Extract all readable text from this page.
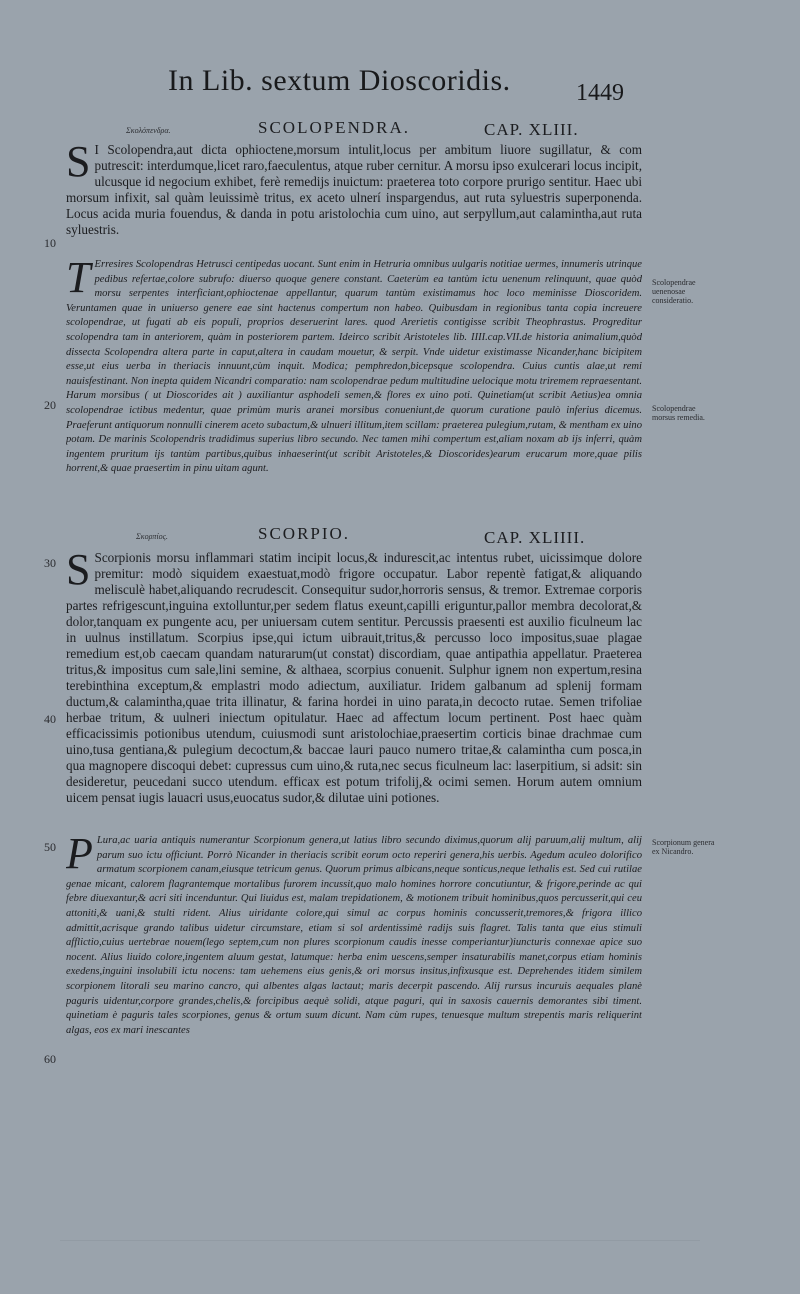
In Lib. sextum Dioscoridis.	1449
Σκολόπενδρα.	SCOLOPENDRA.	CAP. XLIII.
S I Scolopendra,aut dicta ophioctene,morsum intulit,locus per ambitum liuore sugillatur, & com putrescit: interdumque,licet raro,faeculentus, atque ruber cernitur. A morsu ipso exulcerari locus incipit, ulcusque id negocium exhibet, ferè remedijs inuictum: praeterea toto corpore prurigo sentitur. Haec ubi morsum infixit, sal quàm leuissimè tritus, ex aceto ulnerí inspargendus, aut ruta syluestris superponenda. Locus acida muria fouendus, & danda in potu aristolochia cum uino, aut serpyllum,aut calamintha,aut ruta syluestris.
T Erresires Scolopendras Hetrusci centipedas uocant. Sunt enim in Hetruria omnibus uulgaris notitiae uermes, innumeris utrinque pedibus refertae,colore subrufo: diuerso quoque genere constant. Caeterùm ea tantùm ictu uenenum relinquunt, quae quòd morsu serpentes interficiant,ophioctenae appellantur, quarum tantùm existimamus hoc loco meminisse Dioscoridem. Veruntamen quae in uniuerso genere eae sint hactenus compertum non habeo. Quibusdam in regionibus tanta copia increuere scolopendrae, ut fugati ab eis populi, proprios deseruerint lares. quod Arerietis contigisse scribit Theophrastus. Progreditur scolopendra tam in anteriorem, quàm in posteriorem partem. Ideirco scribit Aristoteles lib. IIII.cap.VII.de historia animalium,quòd dissecta Scolopendra altera parte in caput,altera in caudam mouetur, & serpit. Vnde uidetur existimasse Nicander,hanc bicipitem esse,ut eius uerba in theriacis innuunt,cùm inquit. Modica; pemphredon,bicepsque scolopendra. Cuius cuntis alae,ut remi nauisfestinant. Non inepta quidem Nicandri comparatio: nam scolopendrae pedum multitudine uelocique motu triremem repraesentant. Harum morsibus ( ut Dioscorides ait ) auxiliantur asphodeli semen,& flores ex uino poti. Quinetiam(ut scribit Aetius)ea omnia scolopendrae ictibus medentur, quae primùm muris aranei morsibus conueniunt,de quorum curatione paulò inferius dicemus. Praeferunt antiquorum nonnulli cinerem aceto subactum,& ulnueri illitum,item scillam: praeterea pulegium,rutam, & mentham ex uino potam. De marinis Scolopendris tradidimus superius libro secundo. Nec tamen mihi compertum est,aliam noxam ab ijs inferri, quàm ingentem pruritum ijs tantùm partibus,quibus inhaeserint(ut scribit Aristoteles,& Dioscorides)earum erucarum more,quae pilis horrent,& quae praesertim in pinu uitam agunt.
Σκορπίος.	SCORPIO.	CAP. XLIIII.
S Scorpionis morsu inflammari statim incipit locus,& indurescit,ac intentus rubet, uicissimque dolore premitur: modò siquidem exaestuat,modò frigore occupatur. Labor repentè fatigat,& aliquando melisculè habet,aliquando recrudescit. Consequitur sudor,horroris sensus, & tremor. Extremae corporis partes refrigescunt,inguina extolluntur,per sedem flatus exeunt,capilli eriguntur,pallor membra decolorat,& dolor,tanquam ex pungente acu, per uniuersam cutem sentitur. Percussis praesenti est auxilio ficulneum lac in uulnus instillatum. Scorpius ipse,qui ictum uibrauit,tritus,& percusso loco impositus,suae plagae remedium est,ob caecam quandam naturarum(ut constat) discordiam, quae antipathia appellatur. Praeterea tritus,& impositus cum sale,lini semine, & althaea, scorpius conuenit. Sulphur ignem non expertum,resina terebinthina exceptum,& emplastri modo adiectum, auxiliatur. Iridem galbanum ad splenij formam ductum,& calamintha,quae trita illinatur, & farina hordei in uino parata,in decocto rutae. Semen trifoliae herbae tritum, & uulneri iniectum opitulatur. Haec ad affectum locum pertinent. Post haec quàm efficacissimis potionibus utendum, cuiusmodi sunt aristolochiae,praesertim corticis binae drachmae cum uino,tusa gentiana,& pulegium decoctum,& baccae lauri pauco numero tritae,& calamintha cum posca,in qua magnopere discoqui debet: cupressus cum uino,& ruta,nec secus ficulneum lac: laserpitium, si adsit: sin desideretur, peucedani succo utendum. efficax est potum trifolij,& ocimi semen. Horum autem omnium uicem pensat iugis lauacri usus,euocatus sudor,& dilutae uini potiones.
P Lura,ac uaria antiquis numerantur Scorpionum genera,ut latius libro secundo diximus,quorum alij paruum,alij multum, alij parum suo ictu officiunt. Porrò Nicander in theriacis scribit eorum octo reperiri genera,his uerbis. Agedum aculeo dolorifico armatum scorpionem canam,eiusque tetricum genus. Quorum primus albicans,neque sonticus,neque lethalis est. Sed cui rutilae genae micant, calorem flagrantemque mortalibus furorem incussit,quo malo homines horrore concutiuntur, & frigore,perinde ac qui febre diuexantur,& acri siti incenduntur. Qui liuidus est, malam trepidationem, & motionem tribuit hominibus,quos percusserit,qui ceu attoniti,& uani,& stulti rident. Alius uiridante colore,qui simul ac corpus hominis concusserit,tremores,& frigora illico admittit,acrisque grando talibus uidetur circumstare, etiam si sol ardentissimè radijs suis flagret. Talis tanta que eius stimuli afflictio,cuius uertebrae nouem(lego septem,cum non plures scorpionum caudis inesse comperiantur)iuncturis connexae apice suo nocent. Alius liuido colore,ingentem aluum gestat, latumque: herba enim uescens,semper insaturabilis manet,corpus etiam hominis exedens,inguini insolubili ictu nocens: tam uehemens eius genis,& ori morsus insitus,infixusque est. Deprehendes itidem similem scorpionem litorali seu marino cancro, qui albentes algas lactaut; maris decerpit pascendo. Alij rursus incuruis aequales planè paguris uidentur,corpore grandes,chelis,& forcipibus aequè solidi, atque paguri, qui in saxosis cauernis demorantes sibi timent. quinetiam è paguris tales scorpiones, genus & ortum suum dicunt. Nam cùm rupes, tenuesque multum strepentis maris reliquerint algas, eos ex mari inescantes
10
20
30
40
50
60
Scolopendrae uenenosae consideratio.
Scolopendrae morsus remedia.
Scorpionum genera ex Nicandro.
